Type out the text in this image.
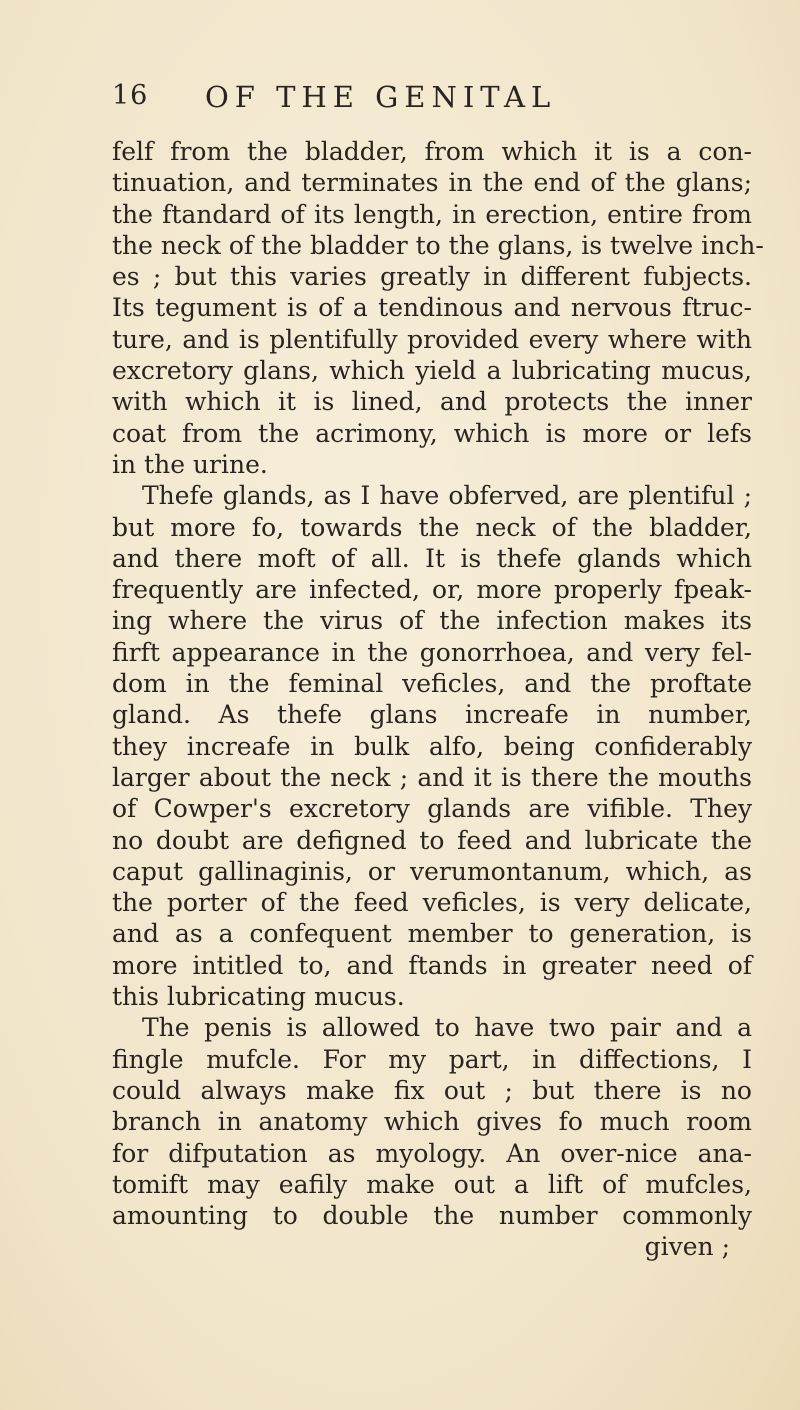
16 OF THE GENITAL
felf from the bladder, from which it is a con-
tinuation, and terminates in the end of the glans;
the ftandard of its length, in erection, entire from
the neck of the bladder to the glans, is twelve inch-
es ; but this varies greatly in different fubjects.
Its tegument is of a tendinous and nervous ftruc-
ture, and is plentifully provided every where with
excretory glans, which yield a lubricating mucus,
with which it is lined, and protects the inner
coat from the acrimony, which is more or lefs
in the urine.
Thefe glands, as I have obferved, are plentiful ;
but more fo, towards the neck of the bladder,
and there moft of all. It is thefe glands which
frequently are infected, or, more properly fpeak-
ing where the virus of the infection makes its
firft appearance in the gonorrhoea, and very fel-
dom in the feminal veficles, and the proftate
gland. As thefe glans increafe in number,
they increafe in bulk alfo, being confiderably
larger about the neck ; and it is there the mouths
of Cowper's excretory glands are vifible. They
no doubt are defigned to feed and lubricate the
caput gallinaginis, or verumontanum, which, as
the porter of the feed veficles, is very delicate,
and as a confequent member to generation, is
more intitled to, and ftands in greater need of
this lubricating mucus.
The penis is allowed to have two pair and a
fingle mufcle. For my part, in diffections, I
could always make fix out ; but there is no
branch in anatomy which gives fo much room
for difputation as myology. An over-nice ana-
tomift may eafily make out a lift of mufcles,
amounting to double the number commonly
given ;
